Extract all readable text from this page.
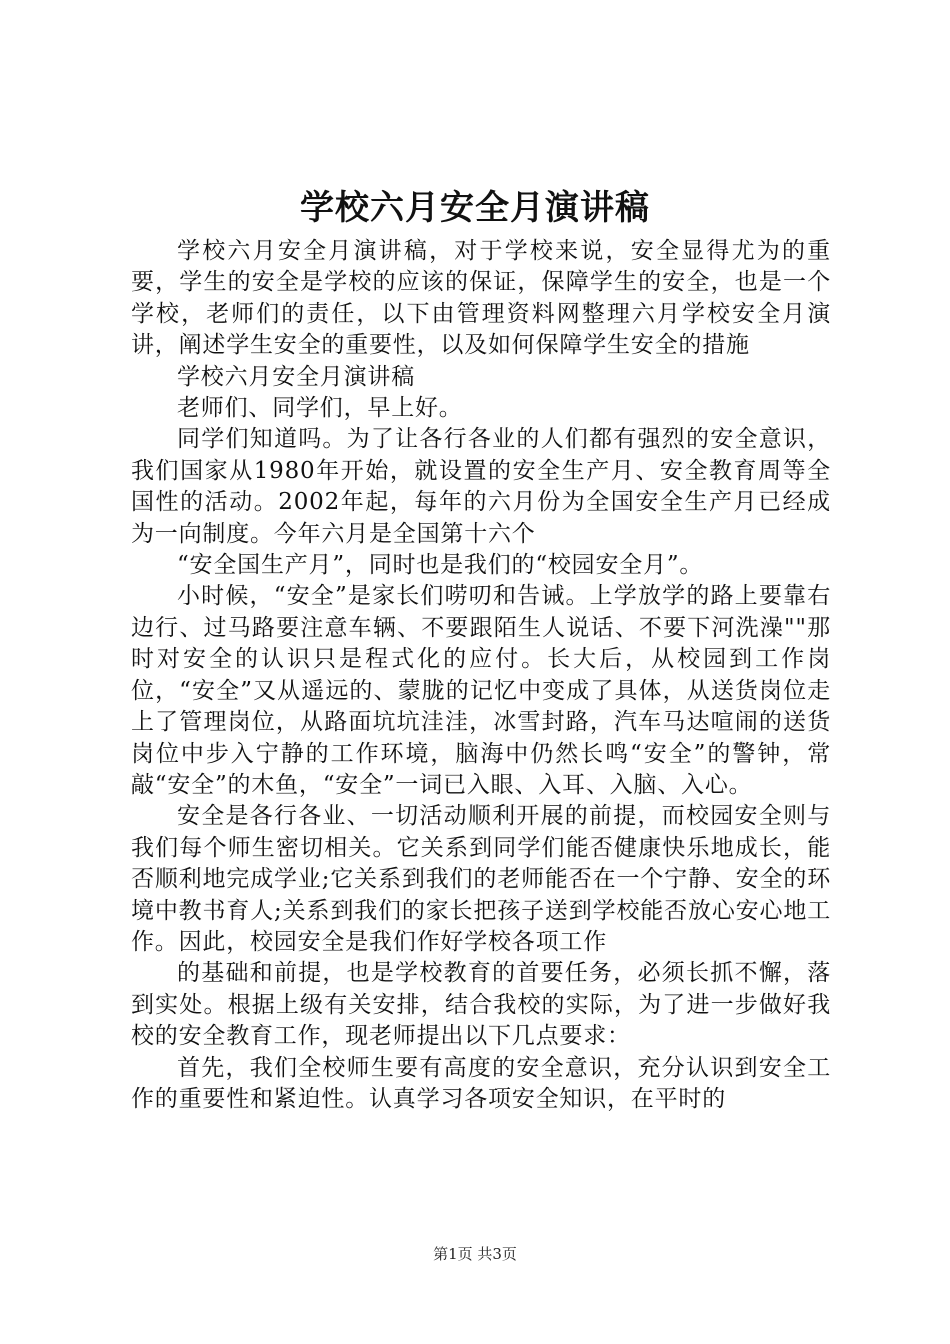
学校六月安全月演讲稿

学校六月安全月演讲稿，对于学校来说，安全显得尤为的重要，学生的安全是学校的应该的保证，保障学生的安全，也是一个学校，老师们的责任，以下由管理资料网整理六月学校安全月演讲，阐述学生安全的重要性，以及如何保障学生安全的措施

学校六月安全月演讲稿

老师们、同学们，早上好。

同学们知道吗。为了让各行各业的人们都有强烈的安全意识，我们国家从1980年开始，就设置的安全生产月、安全教育周等全国性的活动。2002年起，每年的六月份为全国安全生产月已经成为一向制度。今年六月是全国第十六个

“安全国生产月”，同时也是我们的“校园安全月”。

小时候，“安全”是家长们唠叨和告诫。上学放学的路上要靠右边行、过马路要注意车辆、不要跟陌生人说话、不要下河洗澡""那时对安全的认识只是程式化的应付。长大后，从校园到工作岗位，“安全”又从遥远的、蒙胧的记忆中变成了具体，从送货岗位走上了管理岗位，从路面坑坑洼洼，冰雪封路，汽车马达喧闹的送货岗位中步入宁静的工作环境，脑海中仍然长鸣“安全”的警钟，常敲“安全”的木鱼，“安全”一词已入眼、入耳、入脑、入心。

安全是各行各业、一切活动顺利开展的前提，而校园安全则与我们每个师生密切相关。它关系到同学们能否健康快乐地成长，能否顺利地完成学业;它关系到我们的老师能否在一个宁静、安全的环境中教书育人;关系到我们的家长把孩子送到学校能否放心安心地工作。因此，校园安全是我们作好学校各项工作

的基础和前提，也是学校教育的首要任务，必须长抓不懈，落到实处。根据上级有关安排，结合我校的实际，为了进一步做好我校的安全教育工作，现老师提出以下几点要求：

首先，我们全校师生要有高度的安全意识，充分认识到安全工作的重要性和紧迫性。认真学习各项安全知识，在平时的

第1页 共3页
